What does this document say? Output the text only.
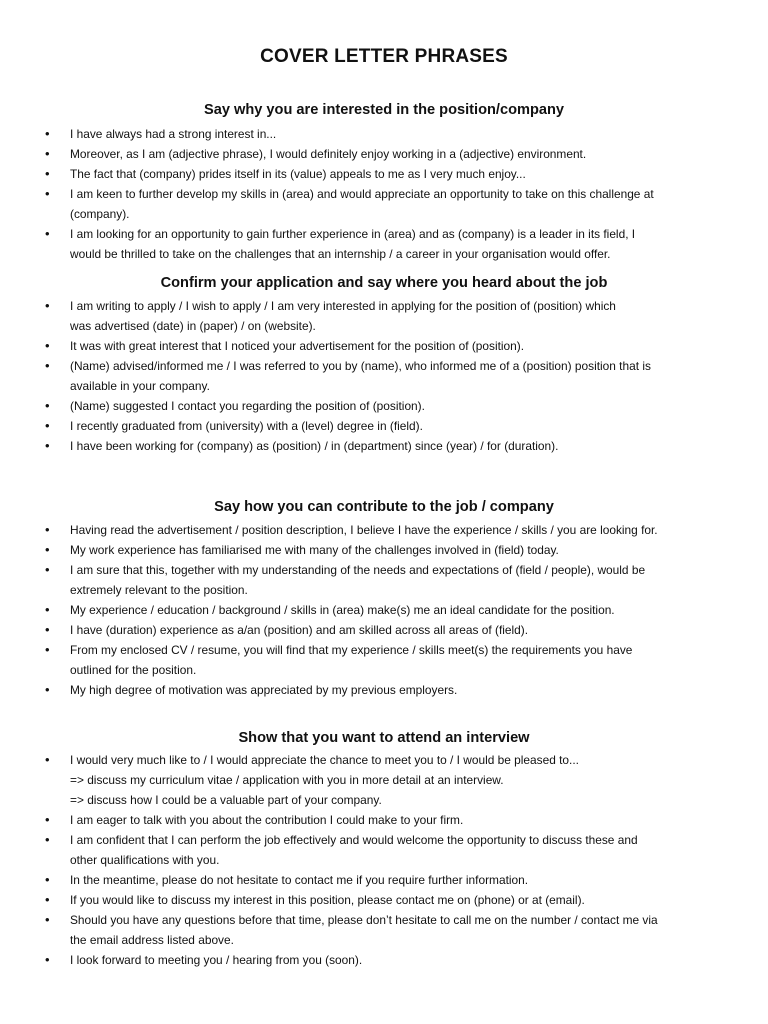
COVER LETTER PHRASES
Say why you are interested in the position/company
• I have always had a strong interest in...
• Moreover, as I am (adjective phrase), I would definitely enjoy working in a (adjective) environment.
• The fact that (company) prides itself in its (value) appeals to me as I very much enjoy...
• I am keen to further develop my skills in (area) and would appreciate an opportunity to take on this challenge at
(company).
• I am looking for an opportunity to gain further experience in (area) and as (company) is a leader in its field, I
would be thrilled to take on the challenges that an internship / a career in your organisation would offer.
Confirm your application and say where you heard about the job
• I am writing to apply / I wish to apply / I am very interested in applying for the position of (position) which
was advertised (date) in (paper) / on (website).
• It was with great interest that I noticed your advertisement for the position of (position).
• (Name) advised/informed me / I was referred to you by (name), who informed me of a (position) position that is
available in your company.
• (Name) suggested I contact you regarding the position of (position).
• I recently graduated from (university) with a (level) degree in (field).
• I have been working for (company) as (position) / in (department) since (year) / for (duration).
Say how you can contribute to the job / company
• Having read the advertisement / position description, I believe I have the experience / skills / you are looking for.
• My work experience has familiarised me with many of the challenges involved in (field) today.
• I am sure that this, together with my understanding of the needs and expectations of (field / people), would be
extremely relevant to the position.
• My experience / education / background / skills in (area) make(s) me an ideal candidate for the position.
• I have (duration) experience as a/an (position) and am skilled across all areas of (field).
• From my enclosed CV / resume, you will find that my experience / skills meet(s) the requirements you have
outlined for the position.
• My high degree of motivation was appreciated by my previous employers.
Show that you want to attend an interview
• I would very much like to / I would appreciate the chance to meet you to / I would be pleased to...
=> discuss my curriculum vitae / application with you in more detail at an interview.
=> discuss how I could be a valuable part of your company.
• I am eager to talk with you about the contribution I could make to your firm.
• I am confident that I can perform the job effectively and would welcome the opportunity to discuss these and
other qualifications with you.
• In the meantime, please do not hesitate to contact me if you require further information.
• If you would like to discuss my interest in this position, please contact me on (phone) or at (email).
• Should you have any questions before that time, please don’t hesitate to call me on the number / contact me via
the email address listed above.
• I look forward to meeting you / hearing from you (soon).
